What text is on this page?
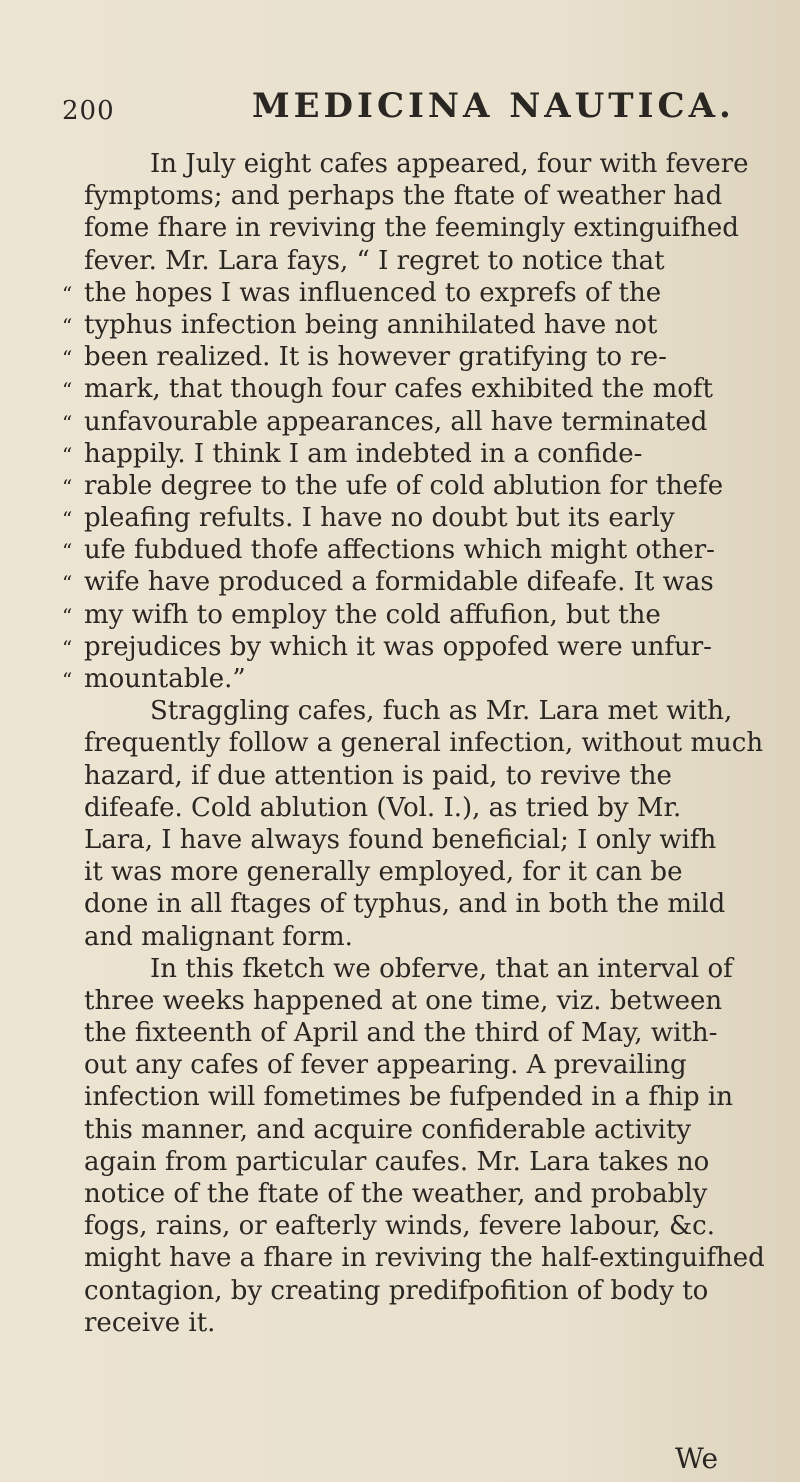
200	MEDICINA NAUTICA.
In July eight cafes appeared, four with fevere
fymptoms; and perhaps the ftate of weather had
fome fhare in reviving the feemingly extinguifhed
fever. Mr. Lara fays, “ I regret to notice that
“ the hopes I was influenced to exprefs of the
“ typhus infection being annihilated have not
“ been realized. It is however gratifying to re-
“ mark, that though four cafes exhibited the moft
“ unfavourable appearances, all have terminated
“ happily. I think I am indebted in a confide-
“ rable degree to the ufe of cold ablution for thefe
“ pleafing refults. I have no doubt but its early
“ ufe fubdued thofe affections which might other-
“ wife have produced a formidable difeafe. It was
“ my wifh to employ the cold affufion, but the
“ prejudices by which it was oppofed were unfur-
“ mountable.”
Straggling cafes, fuch as Mr. Lara met with,
frequently follow a general infection, without much
hazard, if due attention is paid, to revive the
difeafe. Cold ablution (Vol. I.), as tried by Mr.
Lara, I have always found beneficial; I only wifh
it was more generally employed, for it can be
done in all ftages of typhus, and in both the mild
and malignant form.
In this fketch we obferve, that an interval of
three weeks happened at one time, viz. between
the fixteenth of April and the third of May, with-
out any cafes of fever appearing. A prevailing
infection will fometimes be fufpended in a fhip in
this manner, and acquire confiderable activity
again from particular caufes. Mr. Lara takes no
notice of the ftate of the weather, and probably
fogs, rains, or eafterly winds, fevere labour, &c.
might have a fhare in reviving the half-extinguifhed
contagion, by creating predifpofition of body to
receive it.
We
